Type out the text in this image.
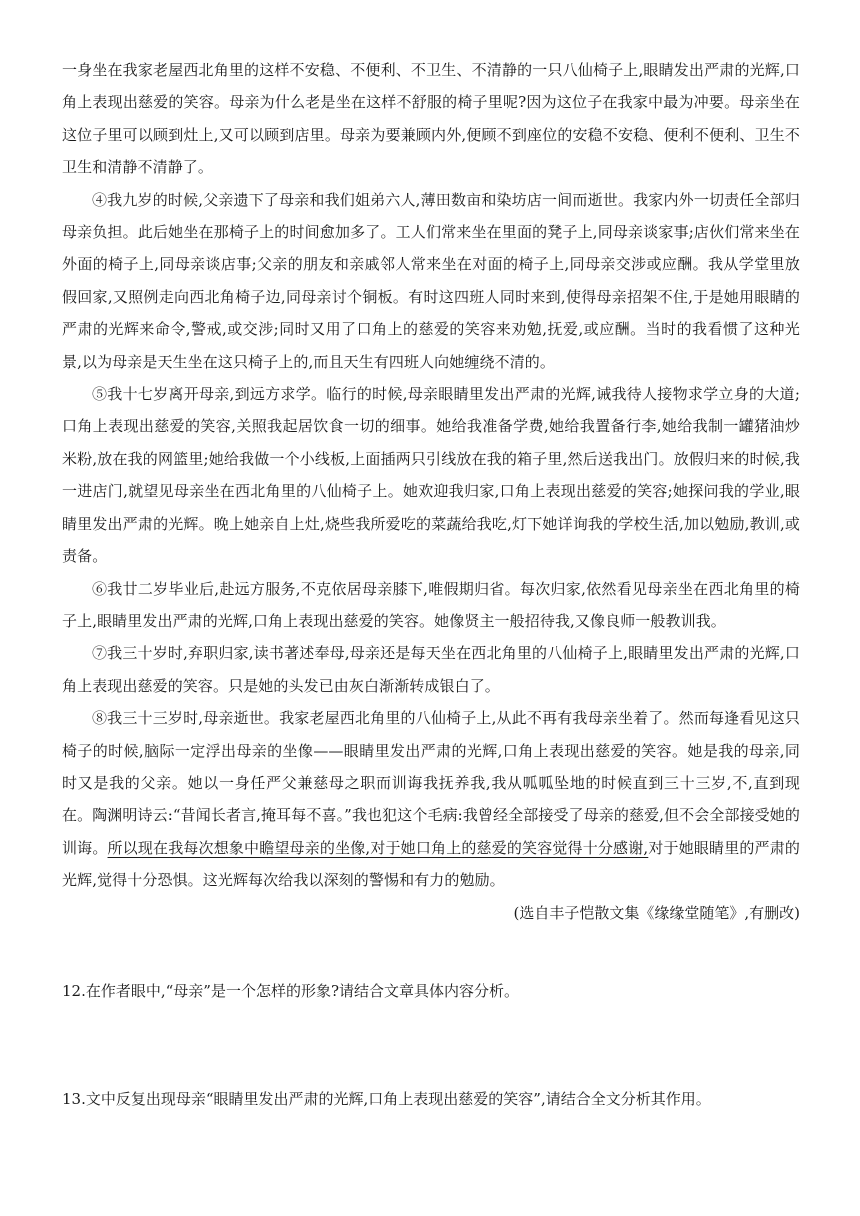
一身坐在我家老屋西北角里的这样不安稳、不便利、不卫生、不清静的一只八仙椅子上,眼睛发出严肃的光辉,口角上表现出慈爱的笑容。母亲为什么老是坐在这样不舒服的椅子里呢?因为这位子在我家中最为冲要。母亲坐在这位子里可以顾到灶上,又可以顾到店里。母亲为要兼顾内外,便顾不到座位的安稳不安稳、便利不便利、卫生不卫生和清静不清静了。

④我九岁的时候,父亲遗下了母亲和我们姐弟六人,薄田数亩和染坊店一间而逝世。我家内外一切责任全部归母亲负担。此后她坐在那椅子上的时间愈加多了。工人们常来坐在里面的凳子上,同母亲谈家事;店伙们常来坐在外面的椅子上,同母亲谈店事;父亲的朋友和亲戚邻人常来坐在对面的椅子上,同母亲交涉或应酬。我从学堂里放假回家,又照例走向西北角椅子边,同母亲讨个铜板。有时这四班人同时来到,使得母亲招架不住,于是她用眼睛的严肃的光辉来命令,警戒,或交涉;同时又用了口角上的慈爱的笑容来劝勉,抚爱,或应酬。当时的我看惯了这种光景,以为母亲是天生坐在这只椅子上的,而且天生有四班人向她缠绕不清的。

⑤我十七岁离开母亲,到远方求学。临行的时候,母亲眼睛里发出严肃的光辉,诫我待人接物求学立身的大道;口角上表现出慈爱的笑容,关照我起居饮食一切的细事。她给我准备学费,她给我置备行李,她给我制一罐猪油炒米粉,放在我的网篮里;她给我做一个小线板,上面插两只引线放在我的箱子里,然后送我出门。放假归来的时候,我一进店门,就望见母亲坐在西北角里的八仙椅子上。她欢迎我归家,口角上表现出慈爱的笑容;她探问我的学业,眼睛里发出严肃的光辉。晚上她亲自上灶,烧些我所爱吃的菜蔬给我吃,灯下她详询我的学校生活,加以勉励,教训,或责备。

⑥我廿二岁毕业后,赴远方服务,不克依居母亲膝下,唯假期归省。每次归家,依然看见母亲坐在西北角里的椅子上,眼睛里发出严肃的光辉,口角上表现出慈爱的笑容。她像贤主一般招待我,又像良师一般教训我。

⑦我三十岁时,弃职归家,读书著述奉母,母亲还是每天坐在西北角里的八仙椅子上,眼睛里发出严肃的光辉,口角上表现出慈爱的笑容。只是她的头发已由灰白渐渐转成银白了。

⑧我三十三岁时,母亲逝世。我家老屋西北角里的八仙椅子上,从此不再有我母亲坐着了。然而每逢看见这只椅子的时候,脑际一定浮出母亲的坐像——眼睛里发出严肃的光辉,口角上表现出慈爱的笑容。她是我的母亲,同时又是我的父亲。她以一身任严父兼慈母之职而训诲我抚养我,我从呱呱坠地的时候直到三十三岁,不,直到现在。陶渊明诗云:“昔闻长者言,掩耳每不喜。”我也犯这个毛病:我曾经全部接受了母亲的慈爱,但不会全部接受她的训诲。所以现在我每次想象中瞻望母亲的坐像,对于她口角上的慈爱的笑容觉得十分感谢,对于她眼睛里的严肃的光辉,觉得十分恐惧。这光辉每次给我以深刻的警惕和有力的勉励。

(选自丰子恺散文集《缘缘堂随笔》,有删改)

12.在作者眼中,“母亲”是一个怎样的形象?请结合文章具体内容分析。

13.文中反复出现母亲“眼睛里发出严肃的光辉,口角上表现出慈爱的笑容”,请结合全文分析其作用。
